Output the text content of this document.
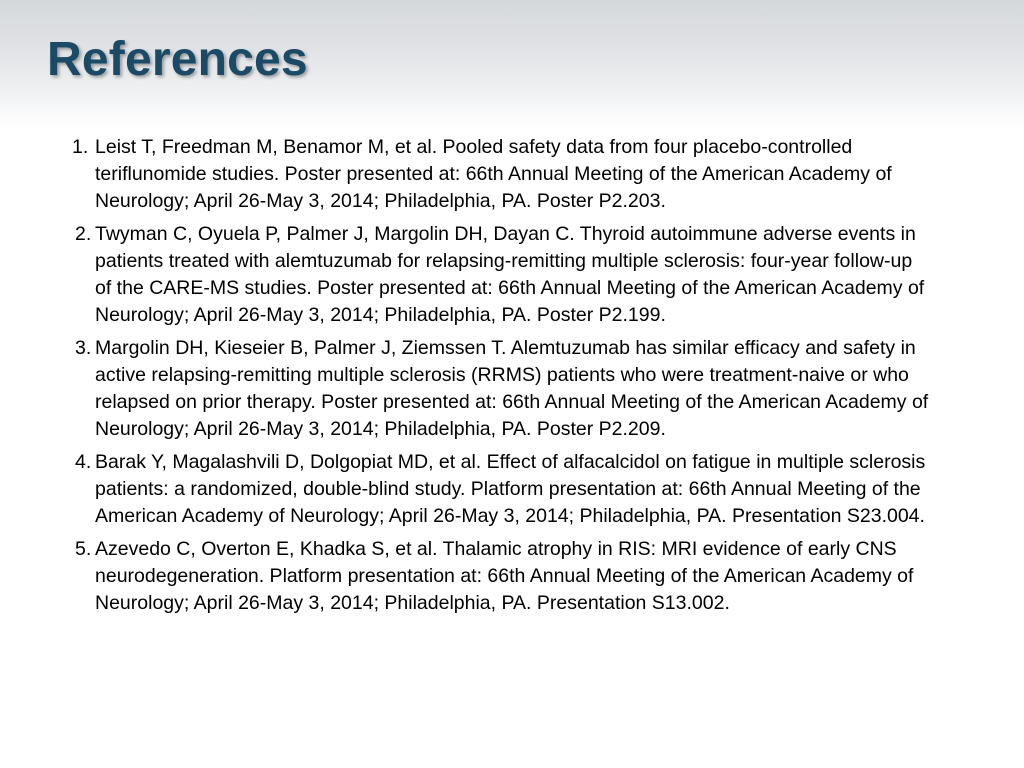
References
1. Leist T, Freedman M, Benamor M, et al. Pooled safety data from four placebo-controlled teriflunomide studies. Poster presented at: 66th Annual Meeting of the American Academy of Neurology; April 26-May 3, 2014; Philadelphia, PA. Poster P2.203.
2. Twyman C, Oyuela P, Palmer J, Margolin DH, Dayan C. Thyroid autoimmune adverse events in patients treated with alemtuzumab for relapsing-remitting multiple sclerosis: four-year follow-up of the CARE-MS studies. Poster presented at: 66th Annual Meeting of the American Academy of Neurology; April 26-May 3, 2014; Philadelphia, PA. Poster P2.199.
3. Margolin DH, Kieseier B, Palmer J, Ziemssen T. Alemtuzumab has similar efficacy and safety in active relapsing-remitting multiple sclerosis (RRMS) patients who were treatment-naive or who relapsed on prior therapy. Poster presented at: 66th Annual Meeting of the American Academy of Neurology; April 26-May 3, 2014; Philadelphia, PA. Poster P2.209.
4. Barak Y, Magalashvili D, Dolgopiat MD, et al. Effect of alfacalcidol on fatigue in multiple sclerosis patients: a randomized, double-blind study. Platform presentation at: 66th Annual Meeting of the American Academy of Neurology; April 26-May 3, 2014; Philadelphia, PA. Presentation S23.004.
5. Azevedo C, Overton E, Khadka S, et al. Thalamic atrophy in RIS: MRI evidence of early CNS neurodegeneration. Platform presentation at: 66th Annual Meeting of the American Academy of Neurology; April 26-May 3, 2014; Philadelphia, PA. Presentation S13.002.
